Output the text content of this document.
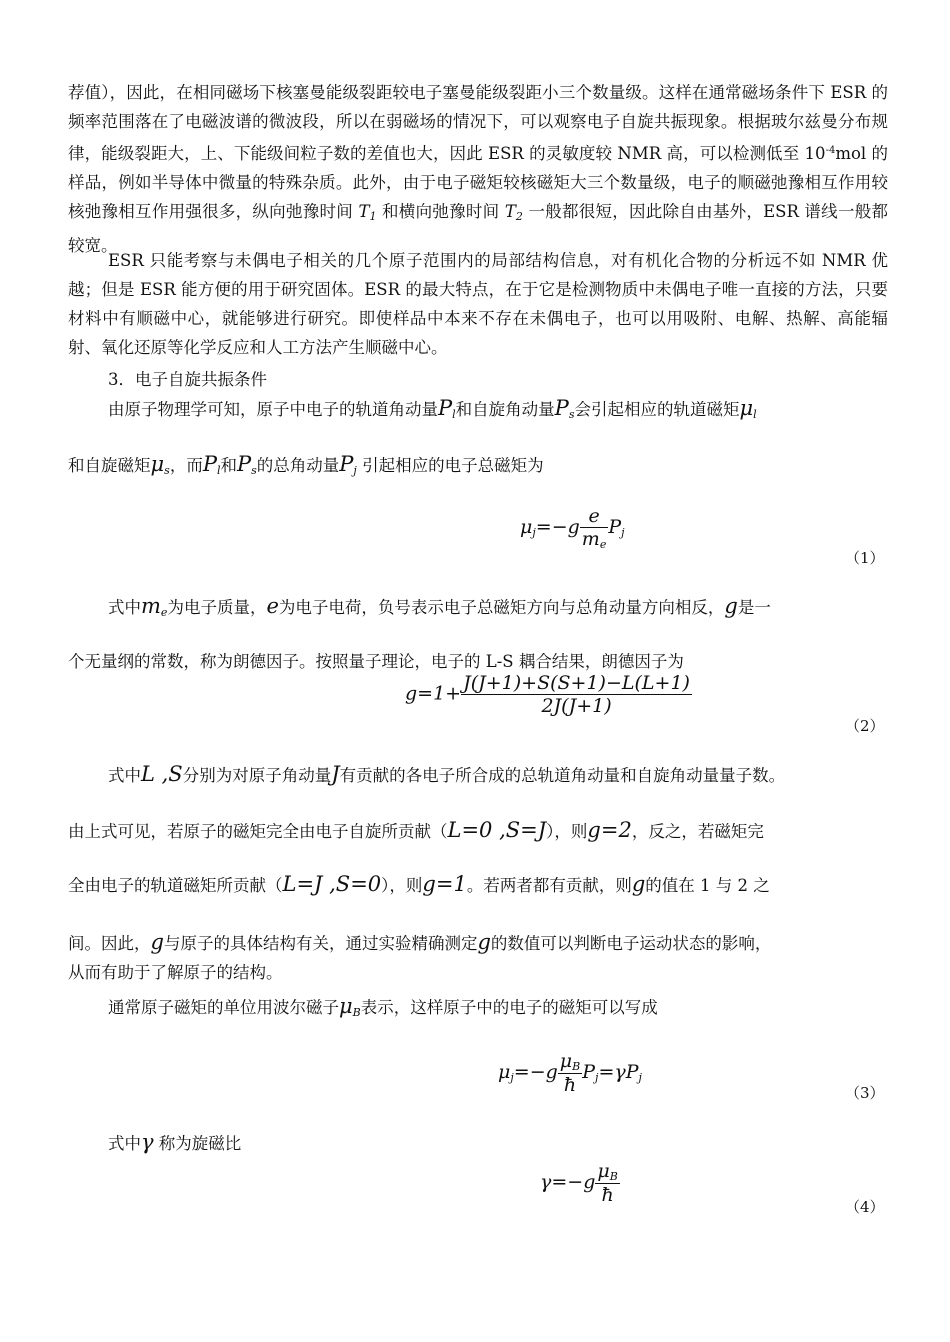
荐值），因此，在相同磁场下核塞曼能级裂距较电子塞曼能级裂距小三个数量级。这样在通常磁场条件下 ESR 的频率范围落在了电磁波谱的微波段，所以在弱磁场的情况下，可以观察电子自旋共振现象。根据玻尔兹曼分布规律，能级裂距大，上、下能级间粒子数的差值也大，因此 ESR 的灵敏度较 NMR 高，可以检测低至 $10^{-4}mol$ 的样品，例如半导体中微量的特殊杂质。此外，由于电子磁矩较核磁矩大三个数量级，电子的顺磁弛豫相互作用较核弛豫相互作用强很多，纵向弛豫时间 $T_1$ 和横向弛豫时间 $T_2$ 一般都很短，因此除自由基外，ESR 谱线一般都较宽。

ESR 只能考察与未偶电子相关的几个原子范围内的局部结构信息，对有机化合物的分析远不如 NMR 优越；但是 ESR 能方便的用于研究固体。ESR 的最大特点，在于它是检测物质中未偶电子唯一直接的方法，只要材料中有顺磁中心，就能够进行研究。即使样品中本来不存在未偶电子，也可以用吸附、电解、热解、高能辐射、氧化还原等化学反应和人工方法产生顺磁中心。

3．电子自旋共振条件
由原子物理学可知，原子中电子的轨道角动量$P_l$和自旋角动量$P_s$会引起相应的轨道磁矩$\mu_l$
和自旋磁矩$\mu_s$，而$P_l$和$P_s$的总角动量$P_j$ 引起相应的电子总磁矩为
$\mu_j=-g \frac{e}{m_e} P_j$
（1）
式中$m_e$为电子质量，e为电子电荷，负号表示电子总磁矩方向与总角动量方向相反，g是一
个无量纲的常数，称为朗德因子。按照量子理论，电子的 L-S 耦合结果，朗德因子为
$g=1+ \frac{J(J+1)+S(S+1)-L(L+1)}{2J(J+1)}$
（2）
式中L ,S分别为对原子角动量J有贡献的各电子所合成的总轨道角动量和自旋角动量量子数。
由上式可见，若原子的磁矩完全由电子自旋所贡献（L=0 ,S=J），则g=2，反之，若磁矩完
全由电子的轨道磁矩所贡献（L=J ,S=0），则g=1。若两者都有贡献，则g的值在 1 与 2 之
间。因此，g与原子的具体结构有关，通过实验精确测定g的数值可以判断电子运动状态的影响，
从而有助于了解原子的结构。
通常原子磁矩的单位用波尔磁子$\mu_B$表示，这样原子中的电子的磁矩可以写成
$\mu_j=-g \frac{\mu_B}{ħ} P_j=\gamma P_j$
（3）
式中γ 称为旋磁比
$\gamma=-g \frac{\mu_B}{ħ}$
（4）
